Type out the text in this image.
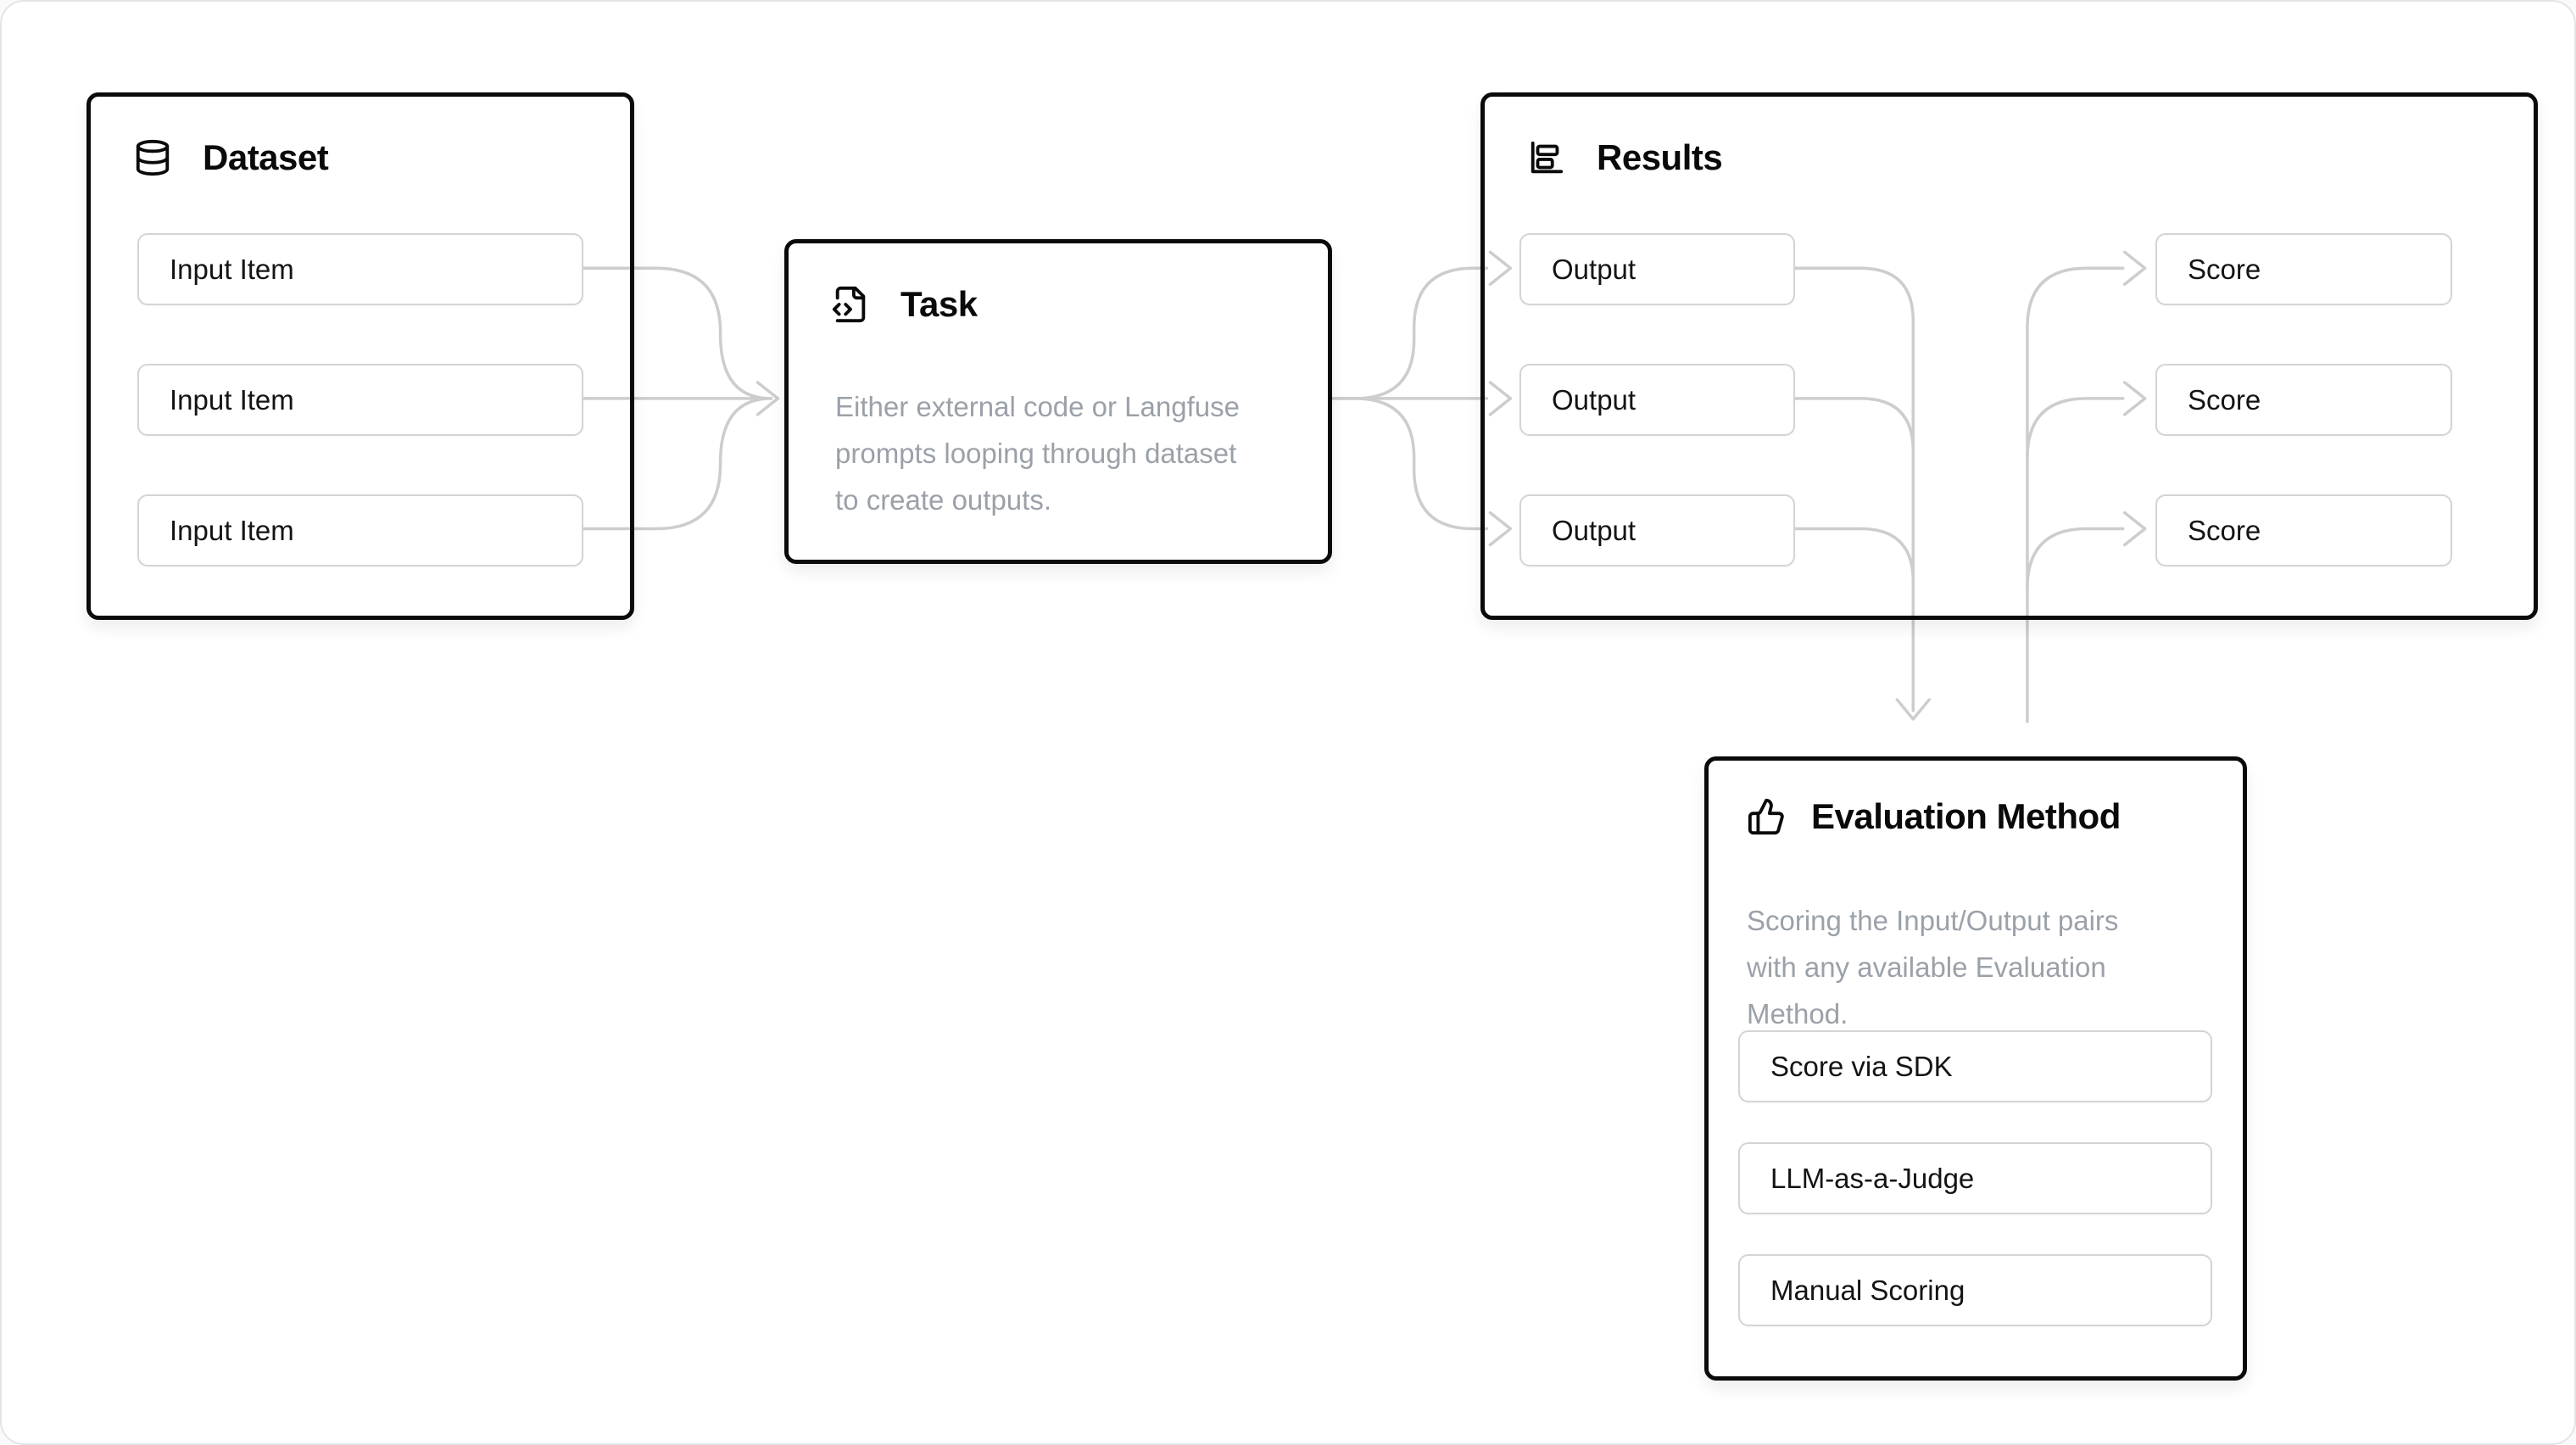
Dataset
Input Item
Input Item
Input Item
Task

Either external code or Langfuse prompts looping through dataset to create outputs.

Results
Output
Output
Output
Score
Score
Score
Evaluation Method

Scoring the Input/Output pairs with any available Evaluation Method.

Score via SDK
LLM-as-a-Judge
Manual Scoring
